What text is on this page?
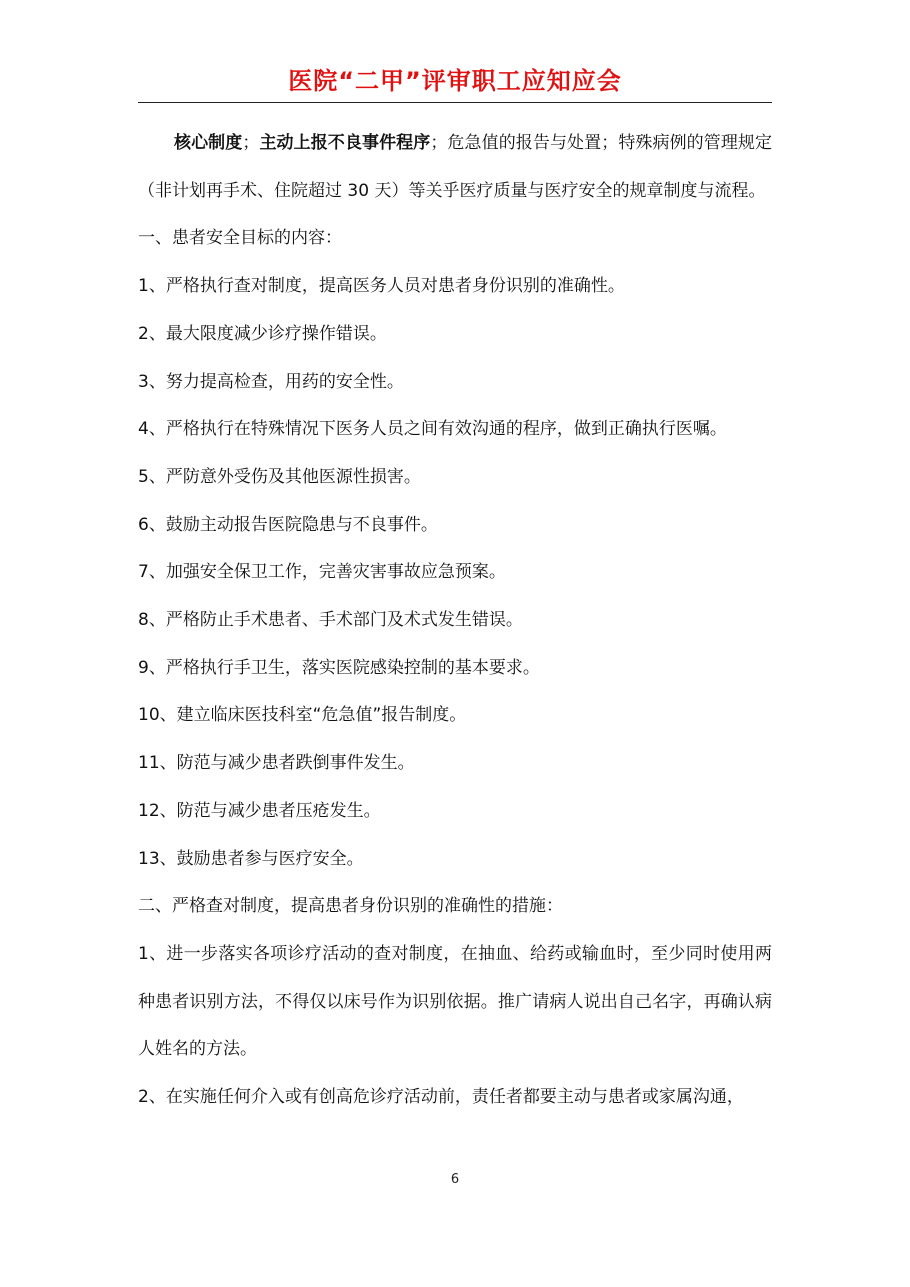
医院“二甲”评审职工应知应会

核心制度；主动上报不良事件程序；危急值的报告与处置；特殊病例的管理规定（非计划再手术、住院超过 30 天）等关乎医疗质量与医疗安全的规章制度与流程。

一、患者安全目标的内容：

1、严格执行查对制度，提高医务人员对患者身份识别的准确性。

2、最大限度减少诊疗操作错误。

3、努力提高检查，用药的安全性。

4、严格执行在特殊情况下医务人员之间有效沟通的程序，做到正确执行医嘱。

5、严防意外受伤及其他医源性损害。

6、鼓励主动报告医院隐患与不良事件。

7、加强安全保卫工作，完善灾害事故应急预案。

8、严格防止手术患者、手术部门及术式发生错误。

9、严格执行手卫生，落实医院感染控制的基本要求。

10、建立临床医技科室“危急值”报告制度。

11、防范与减少患者跌倒事件发生。

12、防范与减少患者压疮发生。

13、鼓励患者参与医疗安全。

二、严格查对制度，提高患者身份识别的准确性的措施：

1、进一步落实各项诊疗活动的查对制度，在抽血、给药或输血时，至少同时使用两种患者识别方法，不得仅以床号作为识别依据。推广请病人说出自己名字，再确认病人姓名的方法。

2、在实施任何介入或有创高危诊疗活动前，责任者都要主动与患者或家属沟通，

6
